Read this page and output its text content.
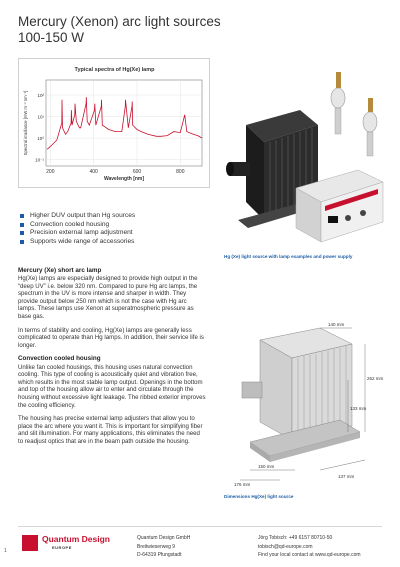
Mercury (Xenon) arc light sources
100-150 W
Typical spectra of Hg(Xe) lamp
200	400	600	800
10⁻¹
10⁰
10¹
10²
Wavelength [nm]
Spectral irradiance [mW m⁻² nm⁻¹]
Hg (Xe) light source with lamp examples and power supply
Higher DUV output than Hg sources
Convection cooled housing
Precision external lamp adjustment
Supports wide range of accessories
Mercury (Xe) short arc lamp

Hg(Xe) lamps are especially designed to provide high output in the “deep UV” i.e. below 320 nm. Compared to pure Hg arc lamps, the spectrum in the UV is more intense and sharper in width. They provide output below 250 nm which is not the case with Hg arc lamps. These lamps use Xenon at superatmospheric pressure as base gas.

In terms of stability and cooling, Hg(Xe) lamps are generally less complicated to operate than Hg lamps. In addition, their service life is longer.

Convection cooled housing

Unlike fan cooled housings, this housing uses natural convection cooling. This type of cooling is acoustically quiet and vibration free, which results in the most stable lamp output. Openings in the bottom and top of the housing allow air to enter and circulate through the housing without excessive light leakage. The ribbed exterior improves the cooling efficiency.

The housing has precise external lamp adjusters that allow you to place the arc where you want it. This is important for simplifying fiber and slit illumination. For many applications, this eliminates the need to readjust optics that are in the beam path outside the housing.

140 mm
262 mm
133 mm
150 mm
176 mm
137 mm
Dimensions Hg(Xe) light source
1
Quantum Design
EUROPE
Quantum Design GmbH
Breitwieserweg 9
D-64319 Pfungstadt
Jörg Tobisch: +49 6157 80710-50
tobisch@qd-europe.com
Find your local contact at www.qd-europe.com
